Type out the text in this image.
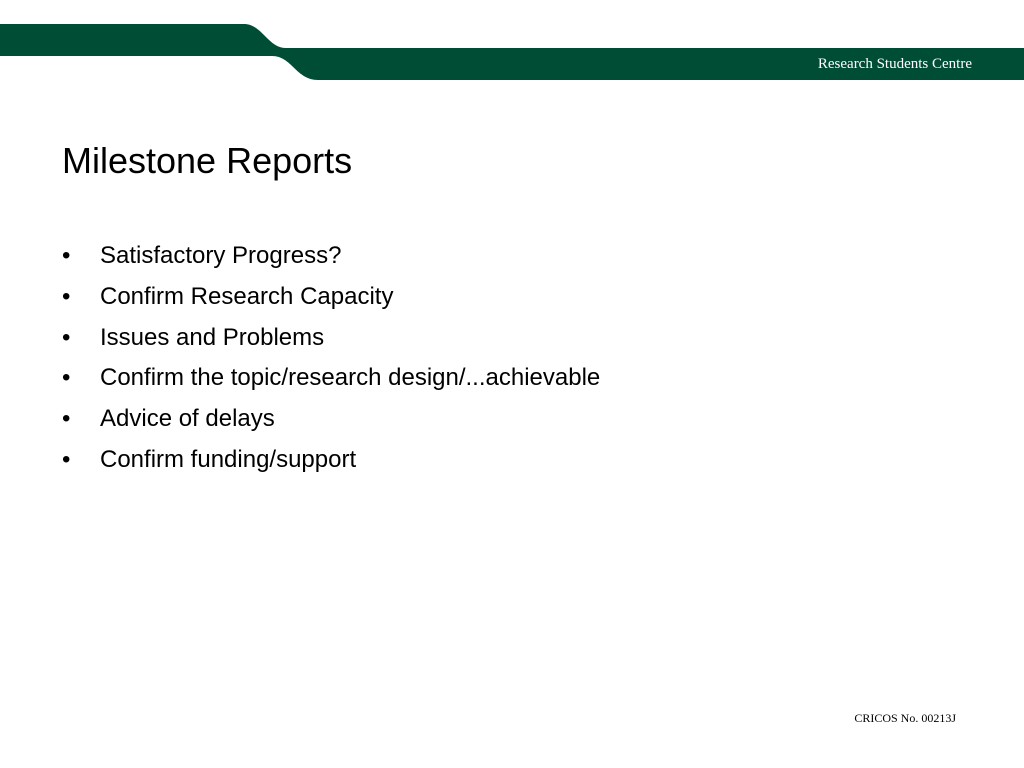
Research Students Centre
Milestone Reports
•	Satisfactory Progress?
•	Confirm Research Capacity
•	Issues and Problems
•	Confirm the topic/research design/...achievable
•	Advice of delays
•	Confirm funding/support
CRICOS No. 00213J
